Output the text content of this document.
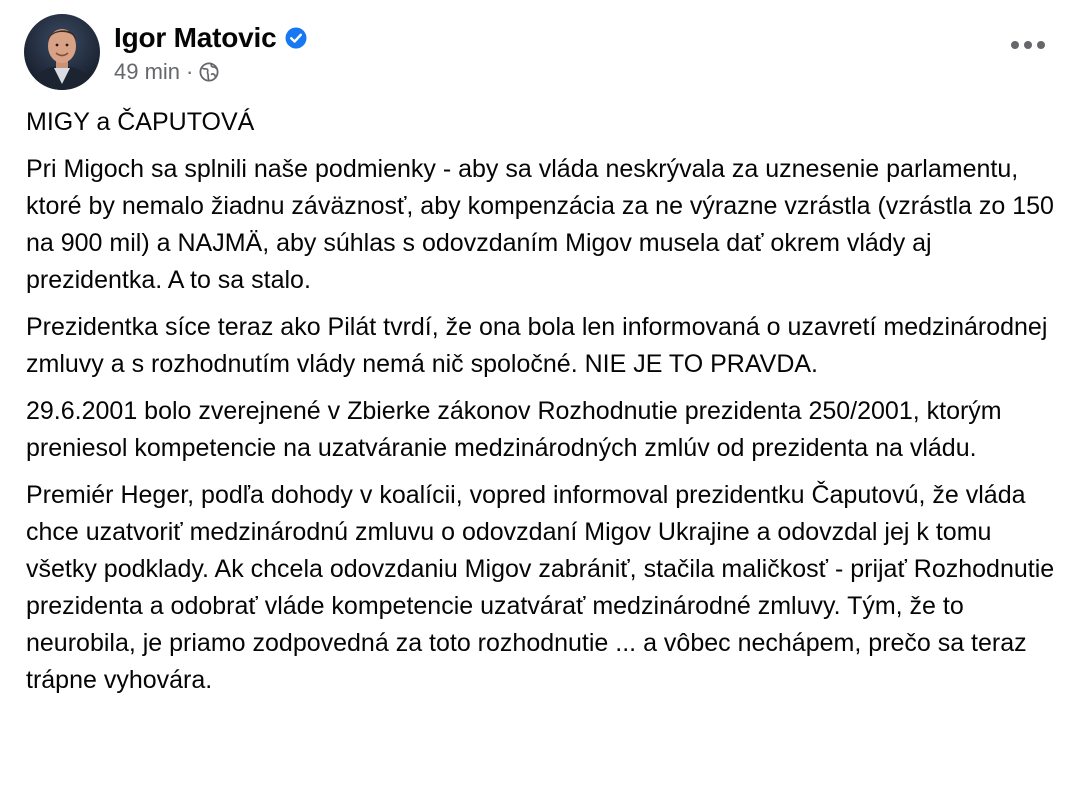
Igor Matovic
49 min ·

MIGY a ČAPUTOVÁ

Pri Migoch sa splnili naše podmienky - aby sa vláda neskrývala za uznesenie parlamentu, ktoré by nemalo žiadnu záväznosť, aby kompenzácia za ne výrazne vzrástla (vzrástla zo 150 na 900 mil) a NAJMÄ, aby súhlas s odovzdaním Migov musela dať okrem vlády aj prezidentka. A to sa stalo.

Prezidentka síce teraz ako Pilát tvrdí, že ona bola len informovaná o uzavretí medzinárodnej zmluvy a s rozhodnutím vlády nemá nič spoločné. NIE JE TO PRAVDA.

29.6.2001 bolo zverejnené v Zbierke zákonov Rozhodnutie prezidenta 250/2001, ktorým preniesol kompetencie na uzatváranie medzinárodných zmlúv od prezidenta na vládu.

Premiér Heger, podľa dohody v koalícii, vopred informoval prezidentku Čaputovú, že vláda chce uzatvoriť medzinárodnú zmluvu o odovzdaní Migov Ukrajine a odovzdal jej k tomu všetky podklady. Ak chcela odovzdaniu Migov zabrániť, stačila maličkosť - prijať Rozhodnutie prezidenta a odobrať vláde kompetencie uzatvárať medzinárodné zmluvy. Tým, že to neurobila, je priamo zodpovedná za toto rozhodnutie ... a vôbec nechápem, prečo sa teraz trápne vyhovára.
